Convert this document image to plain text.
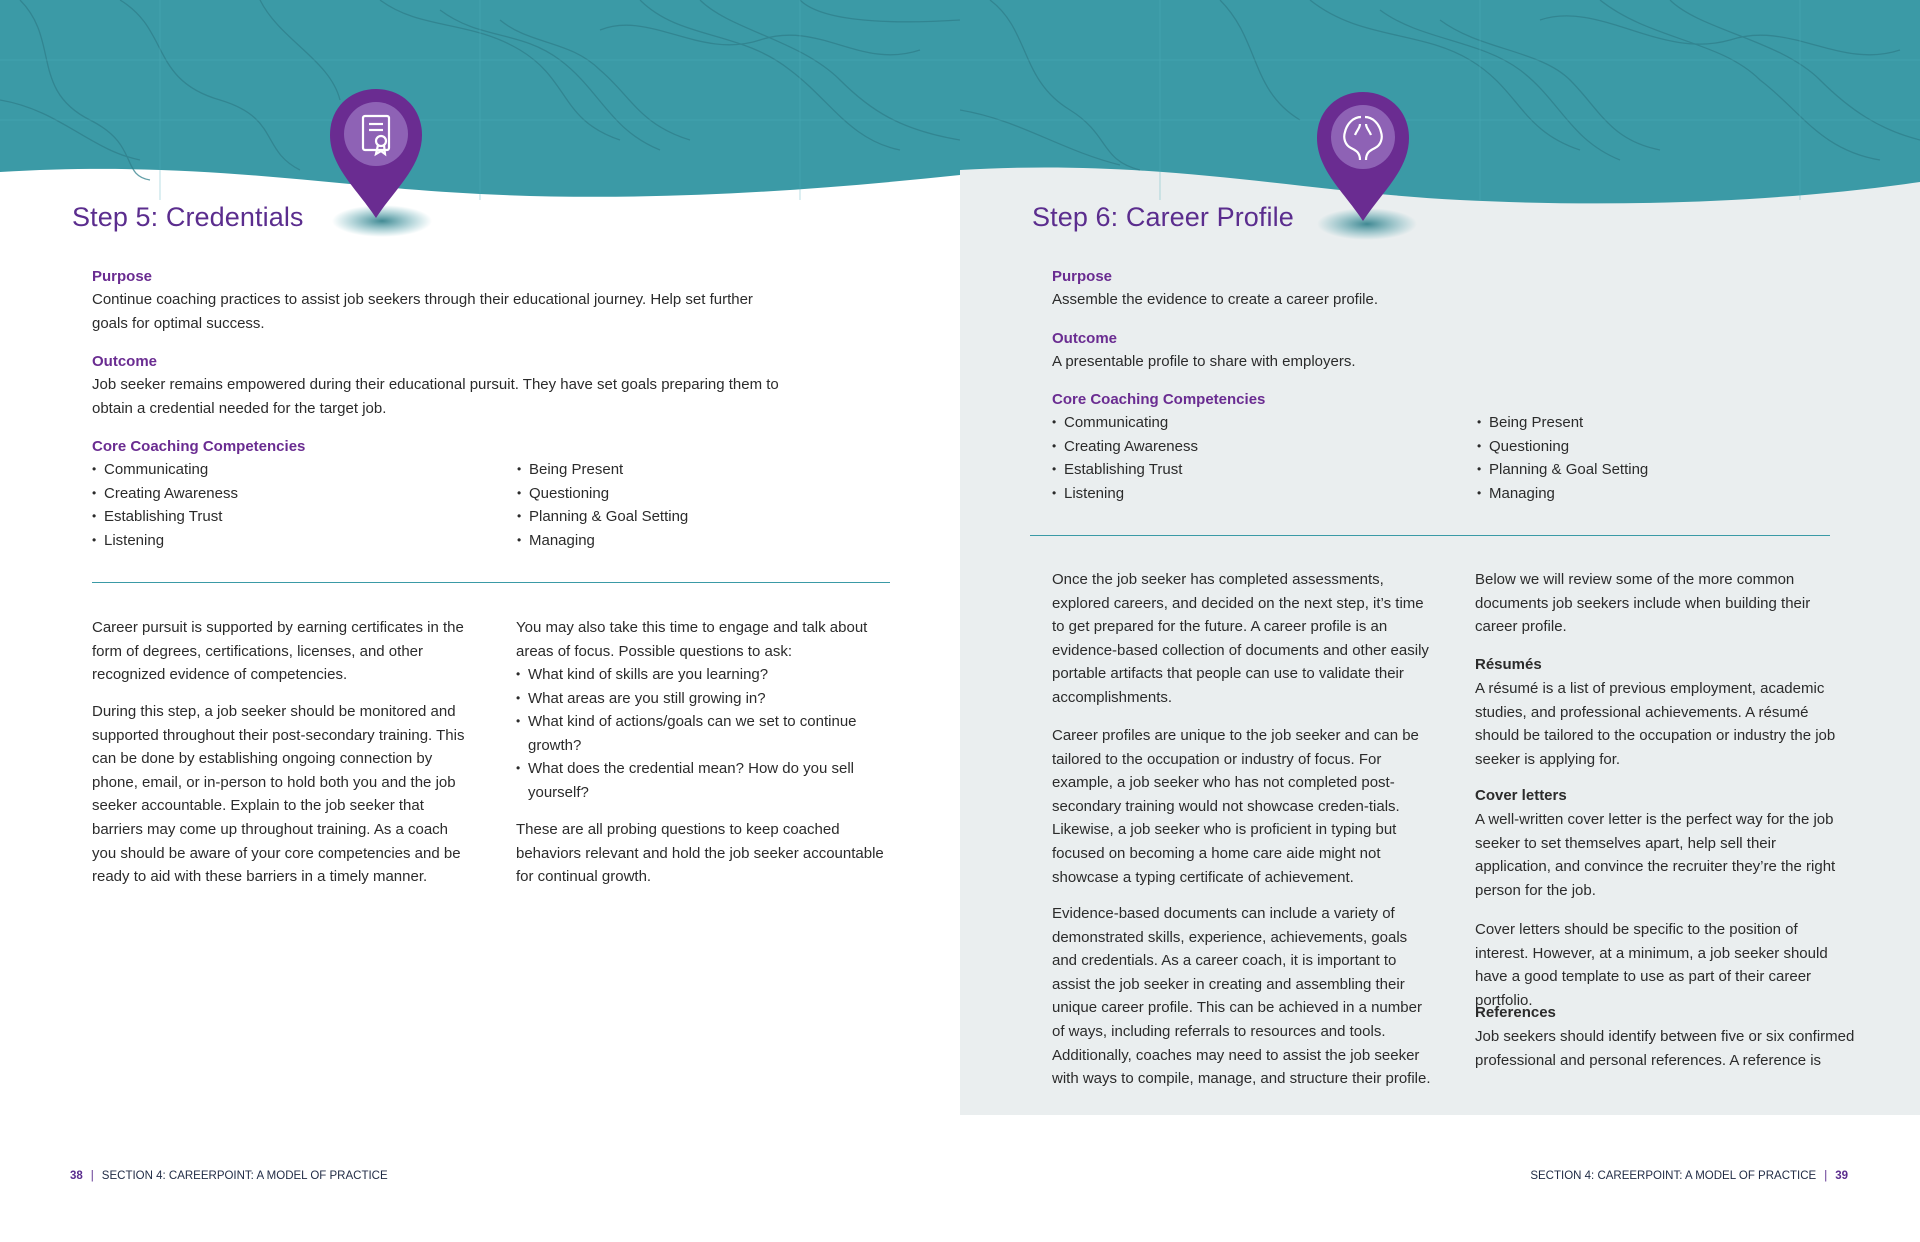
Step 5: Credentials
Purpose

Continue coaching practices to assist job seekers through their educational journey. Help set further goals for optimal success.

Outcome

Job seeker remains empowered during their educational pursuit. They have set goals preparing them to obtain a credential needed for the target job.

Core Coaching Competencies
• Communicating
• Creating Awareness
• Establishing Trust
• Listening
• Being Present
• Questioning
• Planning & Goal Setting
• Managing

Career pursuit is supported by earning certificates in the form of degrees, certifications, licenses, and other recognized evidence of competencies.

During this step, a job seeker should be monitored and supported throughout their post-secondary training. This can be done by establishing ongoing connection by phone, email, or in-person to hold both you and the job seeker accountable. Explain to the job seeker that barriers may come up throughout training. As a coach you should be aware of your core competencies and be ready to aid with these barriers in a timely manner.

You may also take this time to engage and talk about areas of focus. Possible questions to ask:

• What kind of skills are you learning?
• What areas are you still growing in?
• What kind of actions/goals can we set to continue growth?
• What does the credential mean? How do you sell yourself?

These are all probing questions to keep coached behaviors relevant and hold the job seeker accountable for continual growth.

38 | SECTION 4: CAREERPOINT: A MODEL OF PRACTICE
Step 6: Career Profile
Purpose

Assemble the evidence to create a career profile.

Outcome

A presentable profile to share with employers.

Core Coaching Competencies
• Communicating
• Creating Awareness
• Establishing Trust
• Listening
• Being Present
• Questioning
• Planning & Goal Setting
• Managing

Once the job seeker has completed assessments, explored careers, and decided on the next step, it’s time to get prepared for the future. A career profile is an evidence-based collection of documents and other easily portable artifacts that people can use to validate their accomplishments.

Career profiles are unique to the job seeker and can be tailored to the occupation or industry of focus. For example, a job seeker who has not completed post-secondary training would not showcase creden-tials. Likewise, a job seeker who is proficient in typing but focused on becoming a home care aide might not showcase a typing certificate of achievement.

Evidence-based documents can include a variety of demonstrated skills, experience, achievements, goals and credentials. As a career coach, it is important to assist the job seeker in creating and assembling their unique career profile. This can be achieved in a number of ways, including referrals to resources and tools. Additionally, coaches may need to assist the job seeker with ways to compile, manage, and structure their profile.

Below we will review some of the more common documents job seekers include when building their career profile.

Résumés

A résumé is a list of previous employment, academic studies, and professional achievements. A résumé should be tailored to the occupation or industry the job seeker is applying for.

Cover letters

A well-written cover letter is the perfect way for the job seeker to set themselves apart, help sell their application, and convince the recruiter they’re the right person for the job.

Cover letters should be specific to the position of interest. However, at a minimum, a job seeker should have a good template to use as part of their career portfolio.

References

Job seekers should identify between five or six confirmed professional and personal references. A reference is

SECTION 4: CAREERPOINT: A MODEL OF PRACTICE | 39
